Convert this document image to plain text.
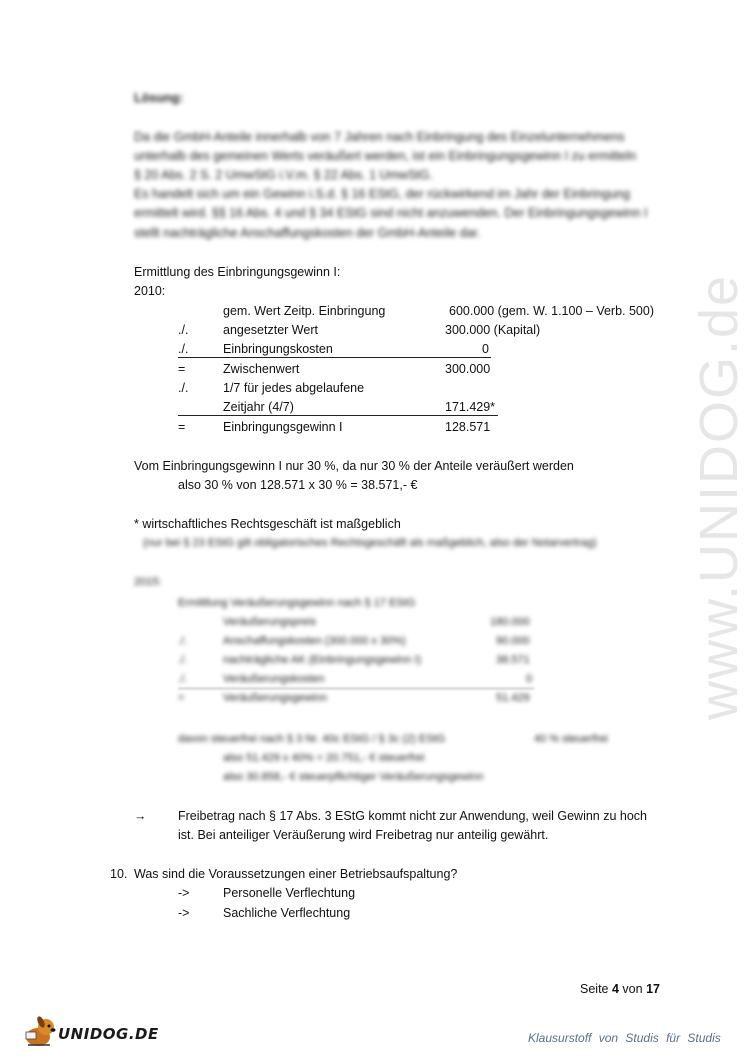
www.UNIDOG.de
Lösung:
Da die GmbH-Anteile innerhalb von 7 Jahren nach Einbringung des Einzelunternehmens
unterhalb des gemeinen Werts veräußert werden, ist ein Einbringungsgewinn I zu ermitteln
§ 20 Abs. 2 S. 2 UmwStG i.V.m. § 22 Abs. 1 UmwStG.
Es handelt sich um ein Gewinn i.S.d. § 16 EStG, der rückwirkend im Jahr der Einbringung
ermittelt wird. §§ 16 Abs. 4 und § 34 EStG sind nicht anzuwenden. Der Einbringungsgewinn I
stellt nachträgliche Anschaffungskosten der GmbH-Anteile dar.
Ermittlung des Einbringungsgewinn I:
2010:
gem. Wert Zeitp. Einbringung	600.000 (gem. W. 1.100 – Verb. 500)
./.	angesetzter Wert	300.000 (Kapital)
./.	Einbringungskosten	0
=	Zwischenwert	300.000
./.	1/7 für jedes abgelaufene
Zeitjahr (4/7)	171.429*
=	Einbringungsgewinn I	128.571
Vom Einbringungsgewinn I nur 30 %, da nur 30 % der Anteile veräußert werden
also 30 % von 128.571 x 30 % = 38.571,- €
* wirtschaftliches Rechtsgeschäft ist maßgeblich
(nur bei § 23 EStG gilt obligatorisches Rechtsgeschäft als maßgeblich, also der Notarvertrag)
2015:
Ermittlung Veräußerungsgewinn nach § 17 EStG
Veräußerungspreis	180.000
./.	Anschaffungskosten (300.000 x 30%)	90.000
./.	nachträgliche AK (Einbringungsgewinn I)	38.571
./.	Veräußerungskosten	0
=	Veräußerungsgewinn	51.429
davon steuerfrei nach § 3 Nr. 40c EStG / § 3c (2) EStG	40 % steuerfrei
also 51.429 x 40% = 20.751,- € steuerfrei
also 30.858,- € steuerpflichtiger Veräußerungsgewinn
→	Freibetrag nach § 17 Abs. 3 EStG kommt nicht zur Anwendung, weil Gewinn zu hoch
ist. Bei anteiliger Veräußerung wird Freibetrag nur anteilig gewährt.
10. Was sind die Voraussetzungen einer Betriebsaufspaltung?
->	Personelle Verflechtung
->	Sachliche Verflechtung
Seite 4 von 17
UNIDOG.DE	Klausurstoff von Studis für Studis
